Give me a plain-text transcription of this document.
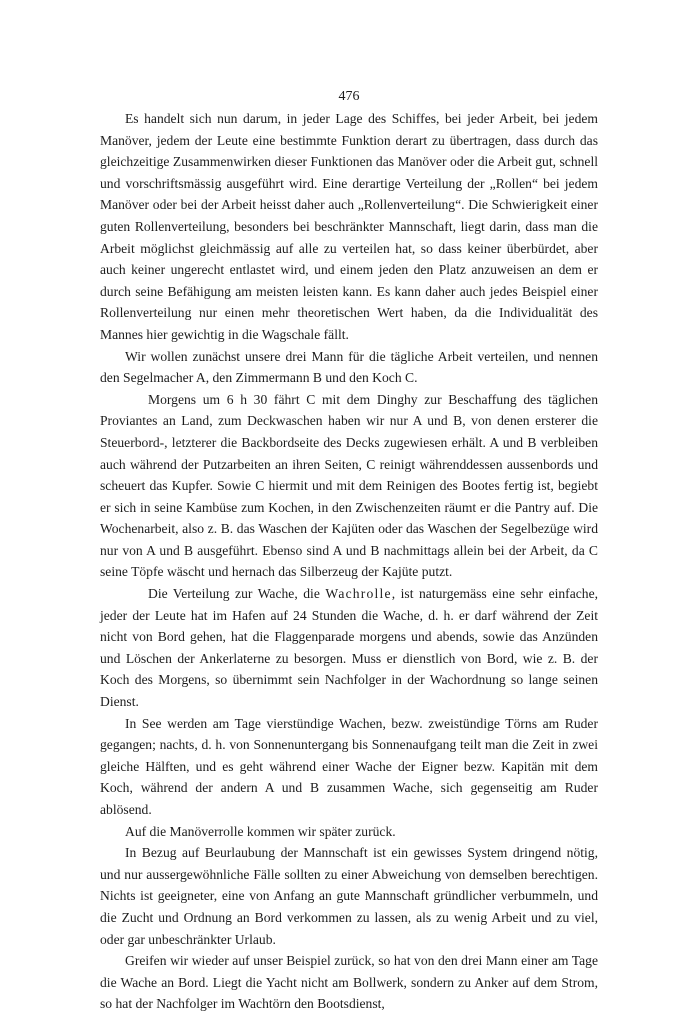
476

Es handelt sich nun darum, in jeder Lage des Schiffes, bei jeder Arbeit, bei jedem Manöver, jedem der Leute eine bestimmte Funktion derart zu übertragen, dass durch das gleichzeitige Zusammenwirken dieser Funktionen das Manöver oder die Arbeit gut, schnell und vorschriftsmässig ausgeführt wird. Eine derartige Verteilung der „Rollen“ bei jedem Manöver oder bei der Arbeit heisst daher auch „Rollenverteilung“. Die Schwierigkeit einer guten Rollenverteilung, besonders bei beschränkter Mannschaft, liegt darin, dass man die Arbeit möglichst gleichmässig auf alle zu verteilen hat, so dass keiner überbürdet, aber auch keiner ungerecht entlastet wird, und einem jeden den Platz anzuweisen an dem er durch seine Befähigung am meisten leisten kann. Es kann daher auch jedes Beispiel einer Rollenverteilung nur einen mehr theoretischen Wert haben, da die Individualität des Mannes hier gewichtig in die Wagschale fällt.

Wir wollen zunächst unsere drei Mann für die tägliche Arbeit verteilen, und nennen den Segelmacher A, den Zimmermann B und den Koch C.

Morgens um 6 h 30 fährt C mit dem Dinghy zur Beschaffung des täglichen Proviantes an Land, zum Deckwaschen haben wir nur A und B, von denen ersterer die Steuerbord-, letzterer die Backbordseite des Decks zugewiesen erhält. A und B verbleiben auch während der Putzarbeiten an ihren Seiten, C reinigt währenddessen aussenbords und scheuert das Kupfer. Sowie C hiermit und mit dem Reinigen des Bootes fertig ist, begiebt er sich in seine Kambüse zum Kochen, in den Zwischenzeiten räumt er die Pantry auf. Die Wochenarbeit, also z. B. das Waschen der Kajüten oder das Waschen der Segelbezüge wird nur von A und B ausgeführt. Ebenso sind A und B nachmittags allein bei der Arbeit, da C seine Töpfe wäscht und hernach das Silberzeug der Kajüte putzt.

Die Verteilung zur Wache, die Wachrolle, ist naturgemäss eine sehr einfache, jeder der Leute hat im Hafen auf 24 Stunden die Wache, d. h. er darf während der Zeit nicht von Bord gehen, hat die Flaggenparade morgens und abends, sowie das Anzünden und Löschen der Ankerlaterne zu besorgen. Muss er dienstlich von Bord, wie z. B. der Koch des Morgens, so übernimmt sein Nachfolger in der Wachordnung so lange seinen Dienst.

In See werden am Tage vierstündige Wachen, bezw. zweistündige Törns am Ruder gegangen; nachts, d. h. von Sonnenuntergang bis Sonnenaufgang teilt man die Zeit in zwei gleiche Hälften, und es geht während einer Wache der Eigner bezw. Kapitän mit dem Koch, während der andern A und B zusammen Wache, sich gegenseitig am Ruder ablösend.

Auf die Manöverrolle kommen wir später zurück.

In Bezug auf Beurlaubung der Mannschaft ist ein gewisses System dringend nötig, und nur aussergewöhnliche Fälle sollten zu einer Abweichung von demselben berechtigen. Nichts ist geeigneter, eine von Anfang an gute Mannschaft gründlicher verbummeln, und die Zucht und Ordnung an Bord verkommen zu lassen, als zu wenig Arbeit und zu viel, oder gar unbeschränkter Urlaub.

Greifen wir wieder auf unser Beispiel zurück, so hat von den drei Mann einer am Tage die Wache an Bord. Liegt die Yacht nicht am Bollwerk, sondern zu Anker auf dem Strom, so hat der Nachfolger im Wachtörn den Bootsdienst,
